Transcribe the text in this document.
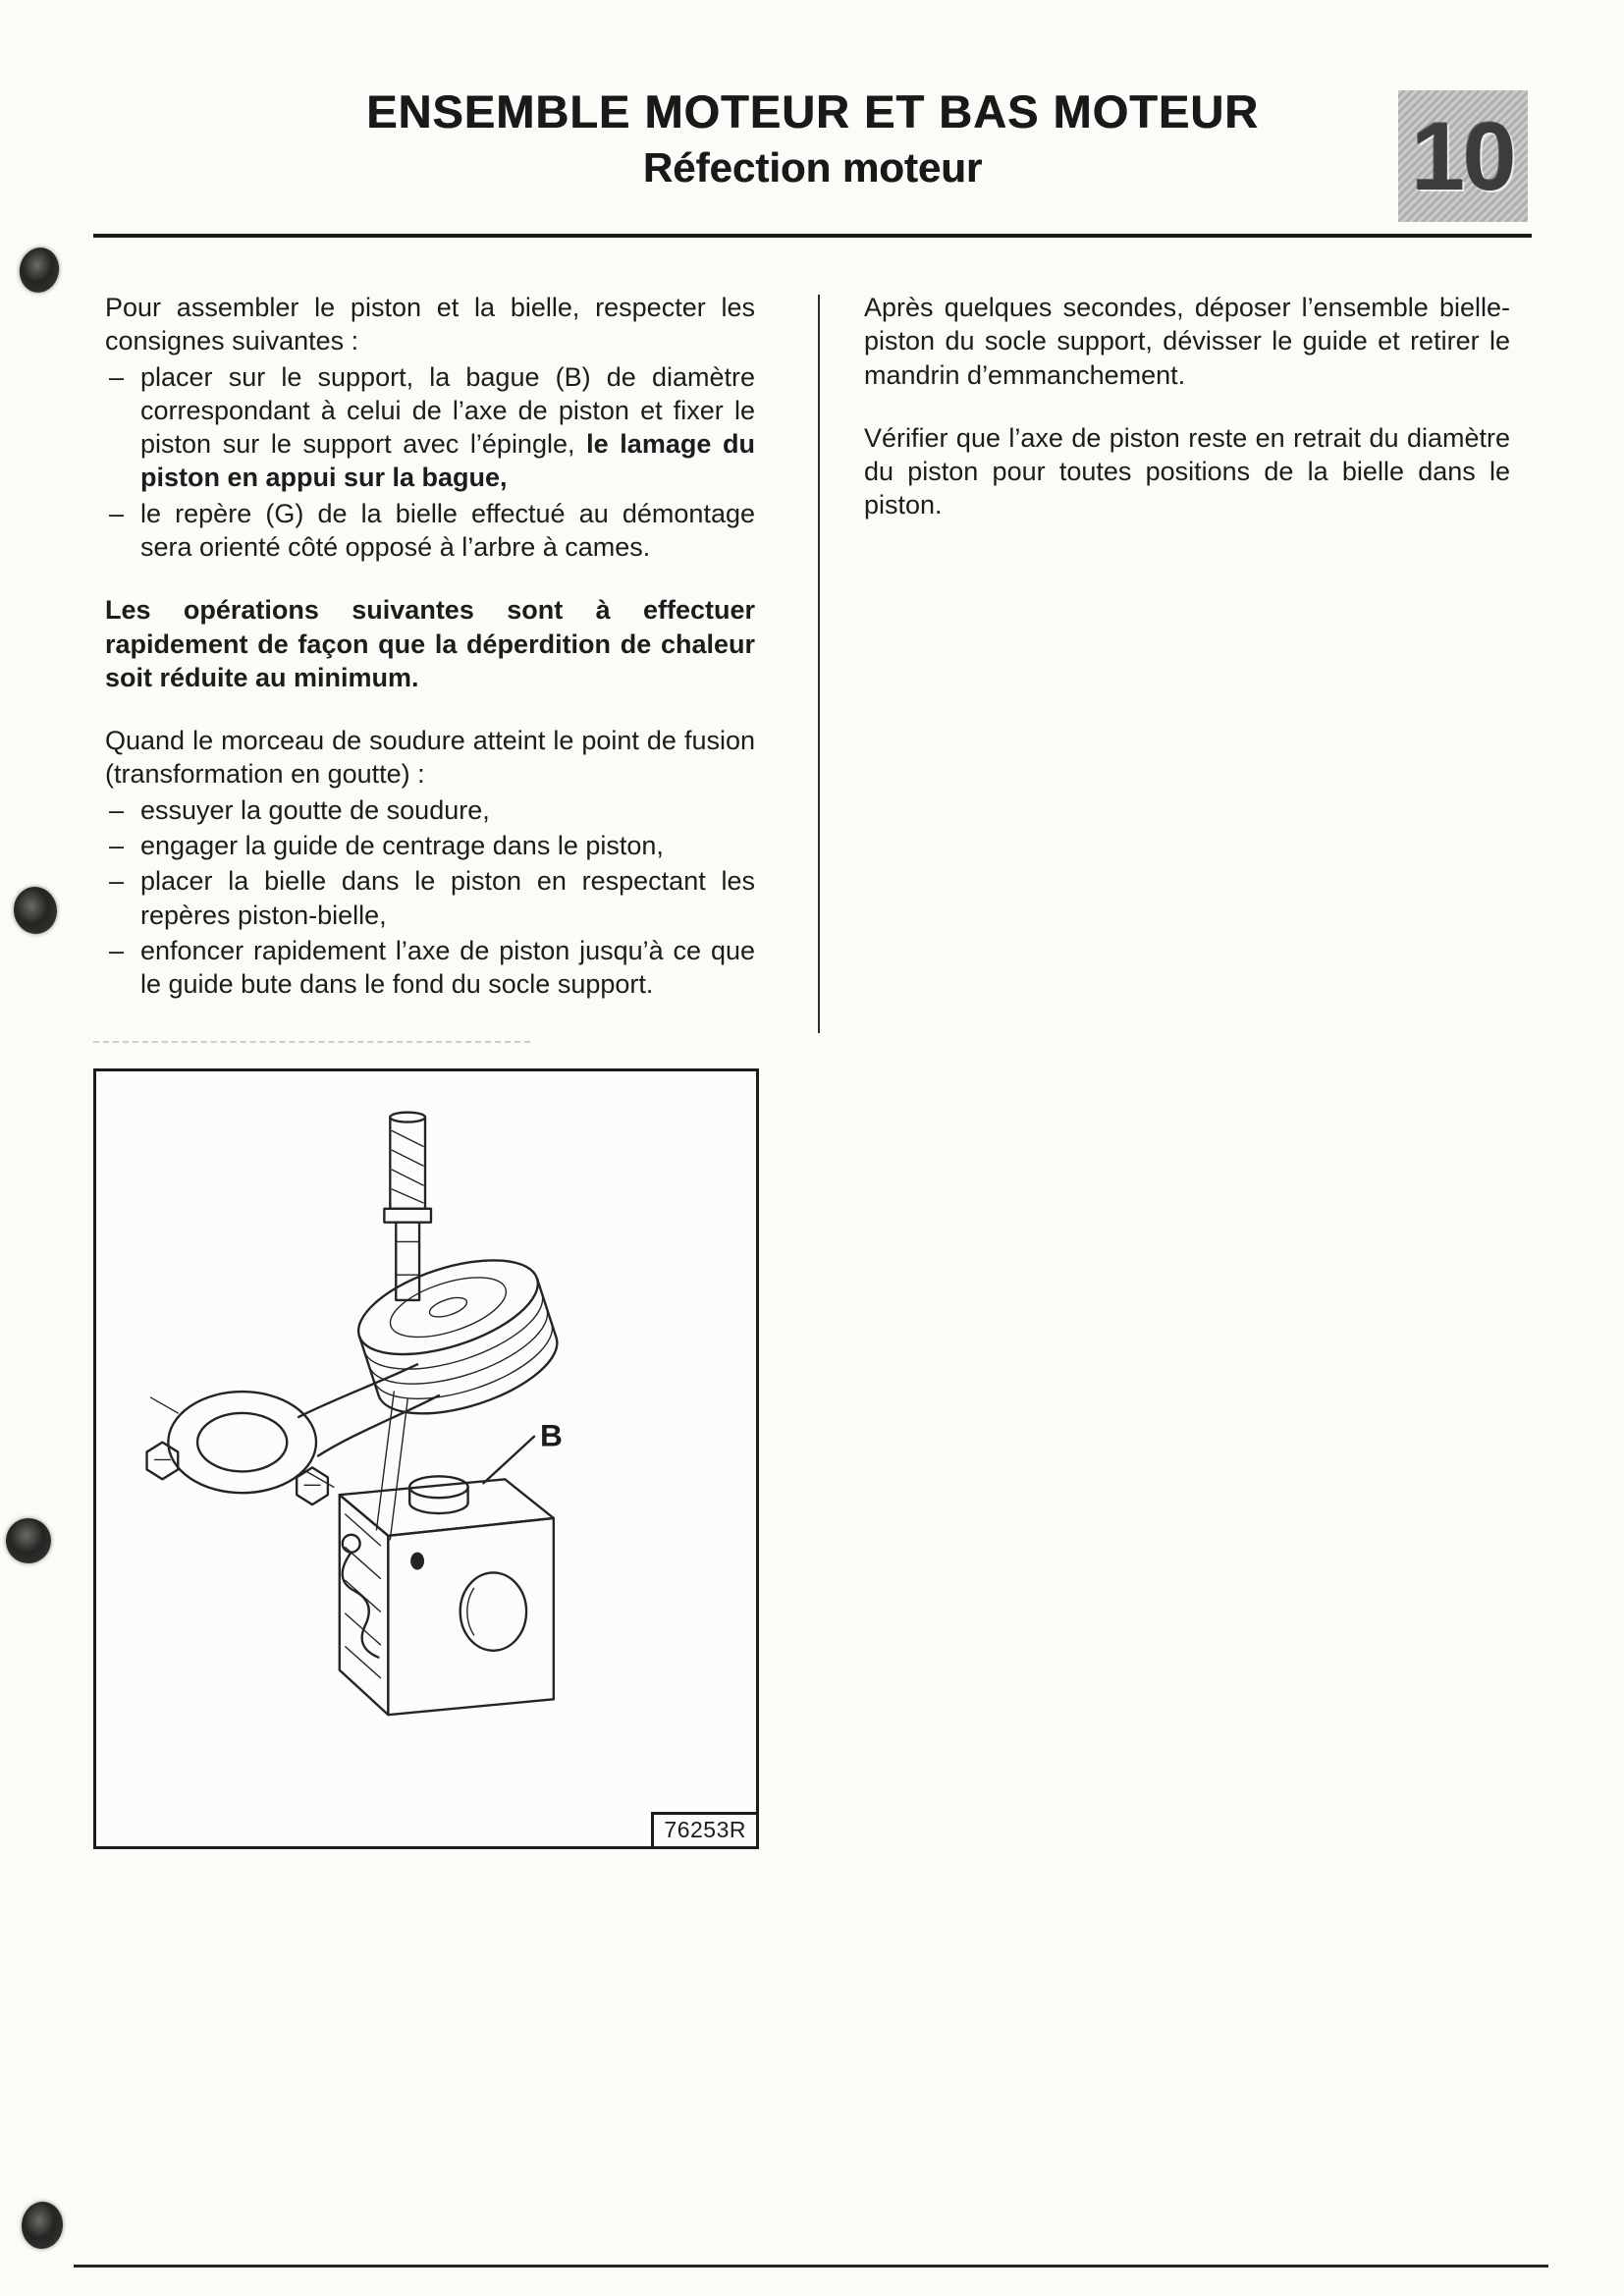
ENSEMBLE MOTEUR ET BAS MOTEUR
Réfection moteur	10
Pour assembler le piston et la bielle, respecter les consignes suivantes :
– placer sur le support, la bague (B) de diamètre correspondant à celui de l’axe de piston et fixer le piston sur le support avec l’épingle, le lamage du piston en appui sur la bague,
– le repère (G) de la bielle effectué au démontage sera orienté côté opposé à l’arbre à cames.
Les opérations suivantes sont à effectuer rapidement de façon que la déperdition de chaleur soit réduite au minimum.
Quand le morceau de soudure atteint le point de fusion (transformation en goutte) :
– essuyer la goutte de soudure,
– engager la guide de centrage dans le piston,
– placer la bielle dans le piston en respectant les repères piston-bielle,
– enfoncer rapidement l’axe de piston jusqu’à ce que le guide bute dans le fond du socle support.
Après quelques secondes, déposer l’ensemble bielle-piston du socle support, dévisser le guide et retirer le mandrin d’emmanchement.
Vérifier que l’axe de piston reste en retrait du diamètre du piston pour toutes positions de la bielle dans le piston.
B
76253R
